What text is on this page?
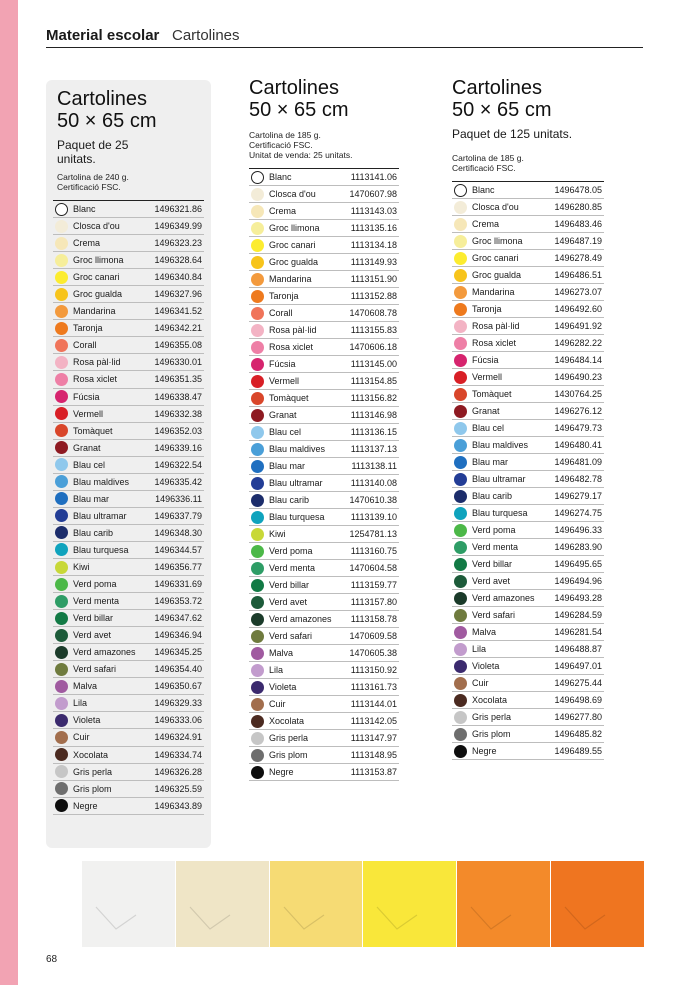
Material escolar Cartolines
Cartolines
50 × 65 cm
Paquet de 25 unitats.
Cartolina de 240 g.
Certificació FSC.
Blanc	1496321.86
Closca d'ou	1496349.99
Crema	1496323.23
Groc llimona	1496328.64
Groc canari	1496340.84
Groc gualda	1496327.96
Mandarina	1496341.52
Taronja	1496342.21
Corall	1496355.08
Rosa pàl·lid	1496330.01
Rosa xiclet	1496351.35
Fúcsia	1496338.47
Vermell	1496332.38
Tomàquet	1496352.03
Granat	1496339.16
Blau cel	1496322.54
Blau maldives	1496335.42
Blau mar	1496336.11
Blau ultramar	1496337.79
Blau carib	1496348.30
Blau turquesa	1496344.57
Kiwi	1496356.77
Verd poma	1496331.69
Verd menta	1496353.72
Verd billar	1496347.62
Verd avet	1496346.94
Verd amazones	1496345.25
Verd safari	1496354.40
Malva	1496350.67
Lila	1496329.33
Violeta	1496333.06
Cuir	1496324.91
Xocolata	1496334.74
Gris perla	1496326.28
Gris plom	1496325.59
Negre	1496343.89
Cartolines
50 × 65 cm
Cartolina de 185 g.
Certificació FSC.
Unitat de venda: 25 unitats.
Blanc	1113141.06
Closca d'ou	1470607.98
Crema	1113143.03
Groc llimona	1113135.16
Groc canari	1113134.18
Groc gualda	1113149.93
Mandarina	1113151.90
Taronja	1113152.88
Corall	1470608.78
Rosa pàl·lid	1113155.83
Rosa xiclet	1470606.18
Fúcsia	1113145.00
Vermell	1113154.85
Tomàquet	1113156.82
Granat	1113146.98
Blau cel	1113136.15
Blau maldives	1113137.13
Blau mar	1113138.11
Blau ultramar	1113140.08
Blau carib	1470610.38
Blau turquesa	1113139.10
Kiwi	1254781.13
Verd poma	1113160.75
Verd menta	1470604.58
Verd billar	1113159.77
Verd avet	1113157.80
Verd amazones	1113158.78
Verd safari	1470609.58
Malva	1470605.38
Lila	1113150.92
Violeta	1113161.73
Cuir	1113144.01
Xocolata	1113142.05
Gris perla	1113147.97
Gris plom	1113148.95
Negre	1113153.87
Cartolines
50 × 65 cm
Paquet de 125 unitats.
Cartolina de 185 g.
Certificació FSC.
Blanc	1496478.05
Closca d'ou	1496280.85
Crema	1496483.46
Groc llimona	1496487.19
Groc canari	1496278.49
Groc gualda	1496486.51
Mandarina	1496273.07
Taronja	1496492.60
Rosa pàl·lid	1496491.92
Rosa xiclet	1496282.22
Fúcsia	1496484.14
Vermell	1496490.23
Tomàquet	1430764.25
Granat	1496276.12
Blau cel	1496479.73
Blau maldives	1496480.41
Blau mar	1496481.09
Blau ultramar	1496482.78
Blau carib	1496279.17
Blau turquesa	1496274.75
Verd poma	1496496.33
Verd menta	1496283.90
Verd billar	1496495.65
Verd avet	1496494.96
Verd amazones	1496493.28
Verd safari	1496284.59
Malva	1496281.54
Lila	1496488.87
Violeta	1496497.01
Cuir	1496275.44
Xocolata	1496498.69
Gris perla	1496277.80
Gris plom	1496485.82
Negre	1496489.55
68
